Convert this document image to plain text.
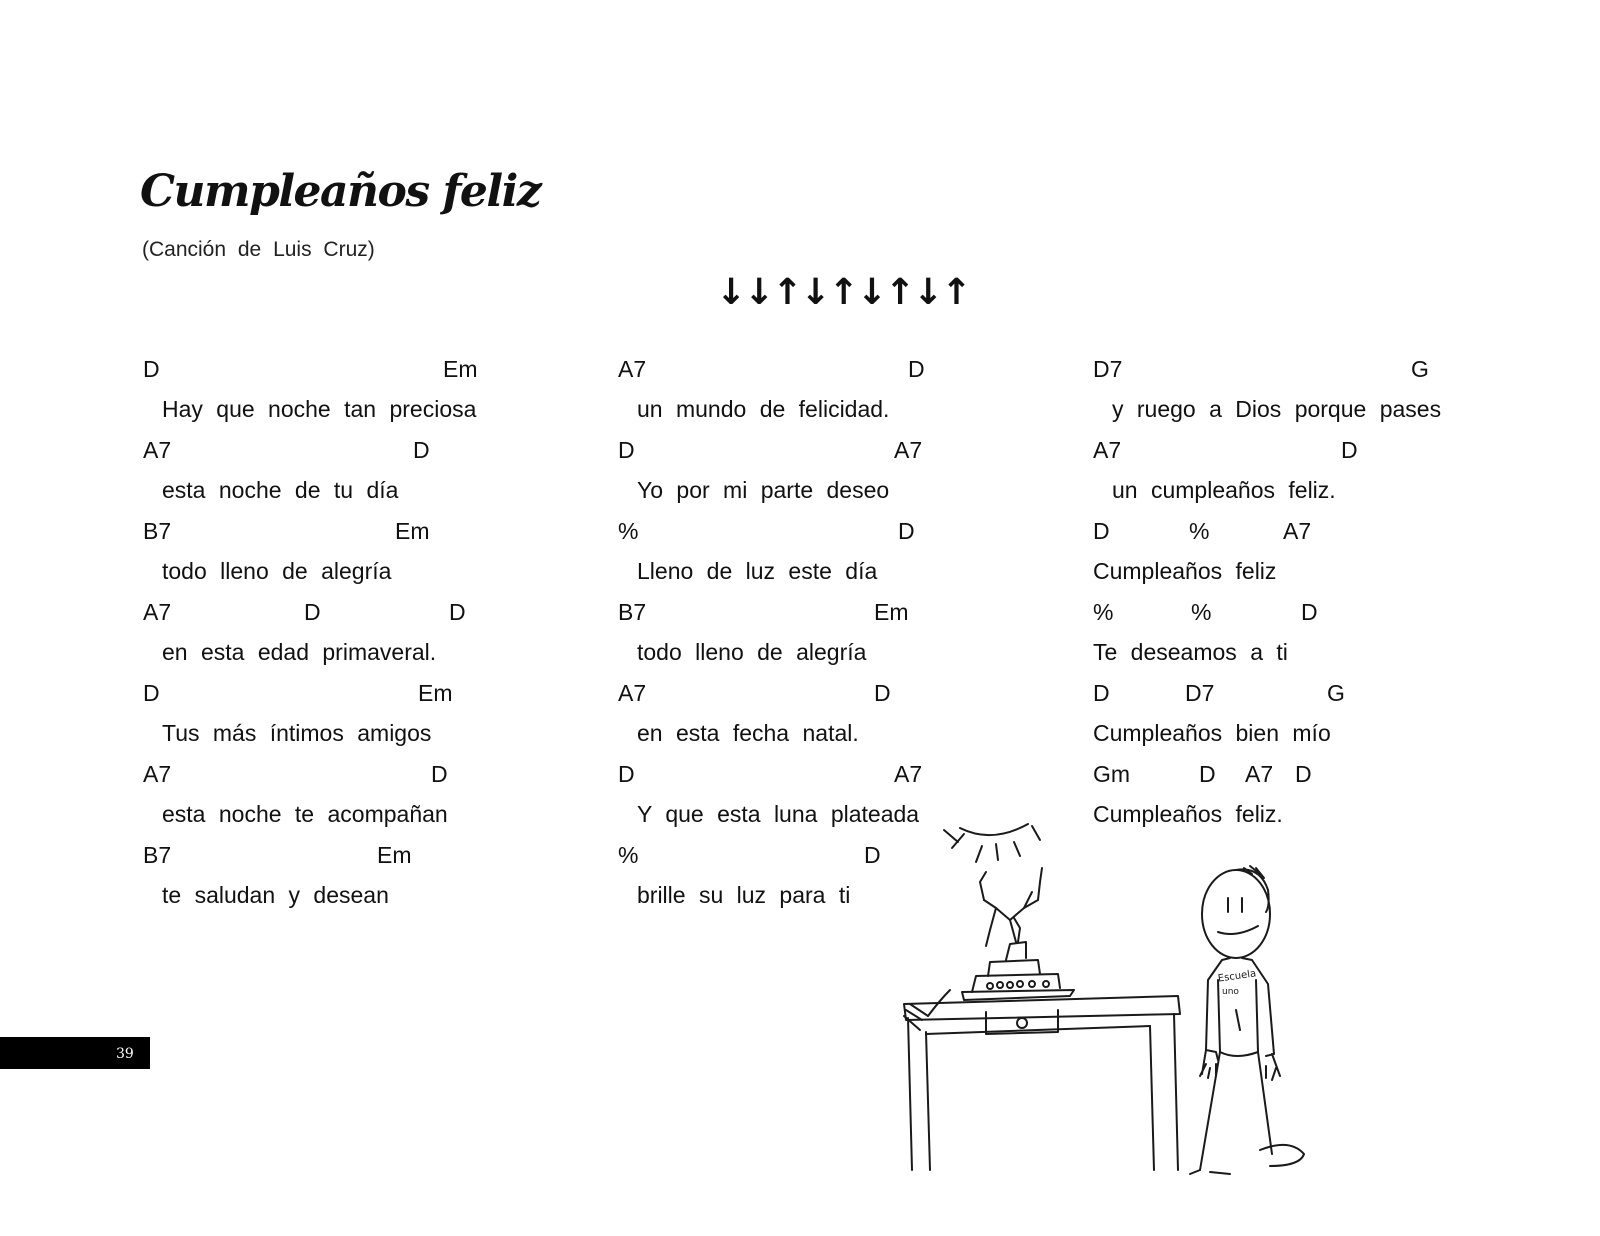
Cumpleaños feliz
(Canción de Luis Cruz)
↓↓↑↓↑↓↑↓↑
D	Em
Hay que noche tan preciosa
A7	D
esta noche de tu día
B7	Em
todo lleno de alegría
A7	D	D
en esta edad primaveral.
D	Em
Tus más íntimos amigos
A7	D
esta noche te acompañan
B7	Em
te saludan y desean
A7	D
un mundo de felicidad.
D	A7
Yo por mi parte deseo
%	D
Lleno de luz este día
B7	Em
todo lleno de alegría
A7	D
en esta fecha natal.
D	A7
Y que esta luna plateada
%	D
brille su luz para ti
D7	G
y ruego a Dios porque pases
A7	D
un cumpleaños feliz.
D	%	A7
Cumpleaños feliz
%	%	D
Te deseamos a ti
D	D7	G
Cumpleaños bien mío
Gm	D A7 D
Cumpleaños feliz.
Escuela
uno
39
